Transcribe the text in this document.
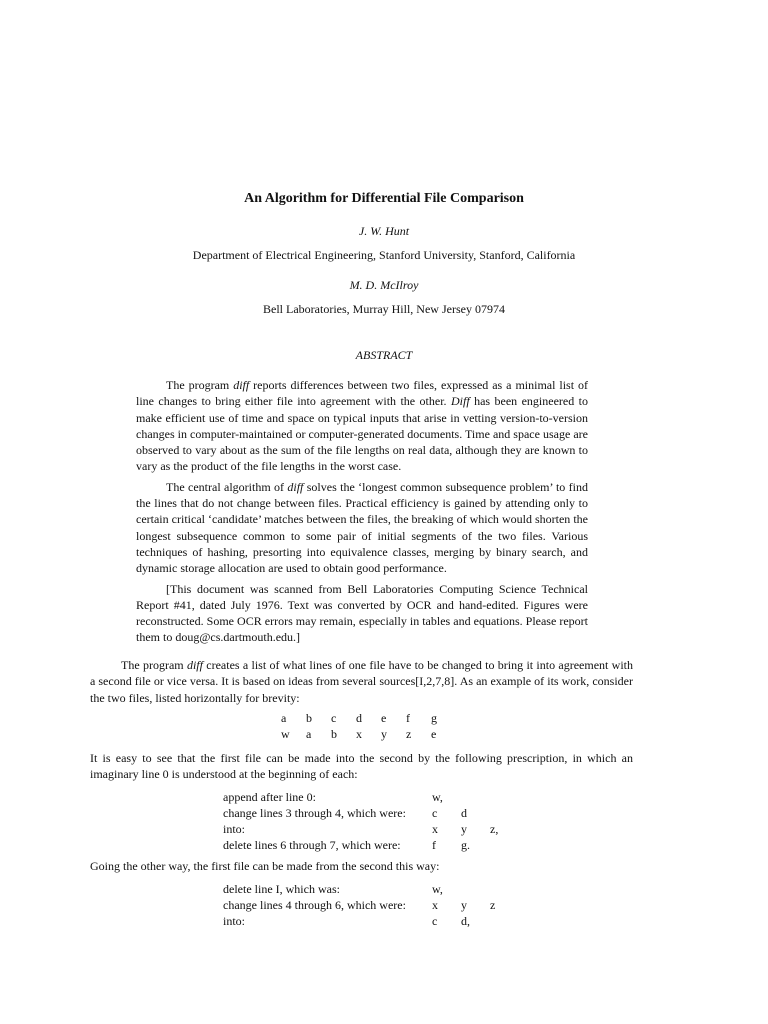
An Algorithm for Differential File Comparison
J. W. Hunt
Department of Electrical Engineering, Stanford University, Stanford, California
M. D. McIlroy
Bell Laboratories, Murray Hill, New Jersey 07974
ABSTRACT

The program diff reports differences between two files, expressed as a minimal list of line changes to bring either file into agreement with the other. Diff has been engineered to make efficient use of time and space on typical inputs that arise in vetting version-to-version changes in computer-maintained or computer-generated documents. Time and space usage are observed to vary about as the sum of the file lengths on real data, although they are known to vary as the product of the file lengths in the worst case.

The central algorithm of diff solves the ‘longest common subsequence problem’ to find the lines that do not change between files. Practical efficiency is gained by attending only to certain critical ‘candidate’ matches between the files, the breaking of which would shorten the longest subsequence common to some pair of initial segments of the two files. Various techniques of hashing, presorting into equivalence classes, merging by binary search, and dynamic storage allocation are used to obtain good performance.

[This document was scanned from Bell Laboratories Computing Science Technical Report #41, dated July 1976. Text was converted by OCR and hand-edited. Figures were reconstructed. Some OCR errors may remain, especially in tables and equations. Please report them to doug@cs.dartmouth.edu.]

The program diff creates a list of what lines of one file have to be changed to bring it into agreement with a second file or vice versa. It is based on ideas from several sources[I,2,7,8]. As an example of its work, consider the two files, listed horizontally for brevity:

a	b	c	d	e	f	g
w	a	b	x	y	z	e

It is easy to see that the first file can be made into the second by the following prescription, in which an imaginary line 0 is understood at the beginning of each:

append after line 0:	w,		
change lines 3 through 4, which were:	c	d	
into:	x	y	z,
delete lines 6 through 7, which were:	f	g.	

Going the other way, the first file can be made from the second this way:

delete line I, which was:	w,		
change lines 4 through 6, which were:	x	y	z
into:	c	d,	
